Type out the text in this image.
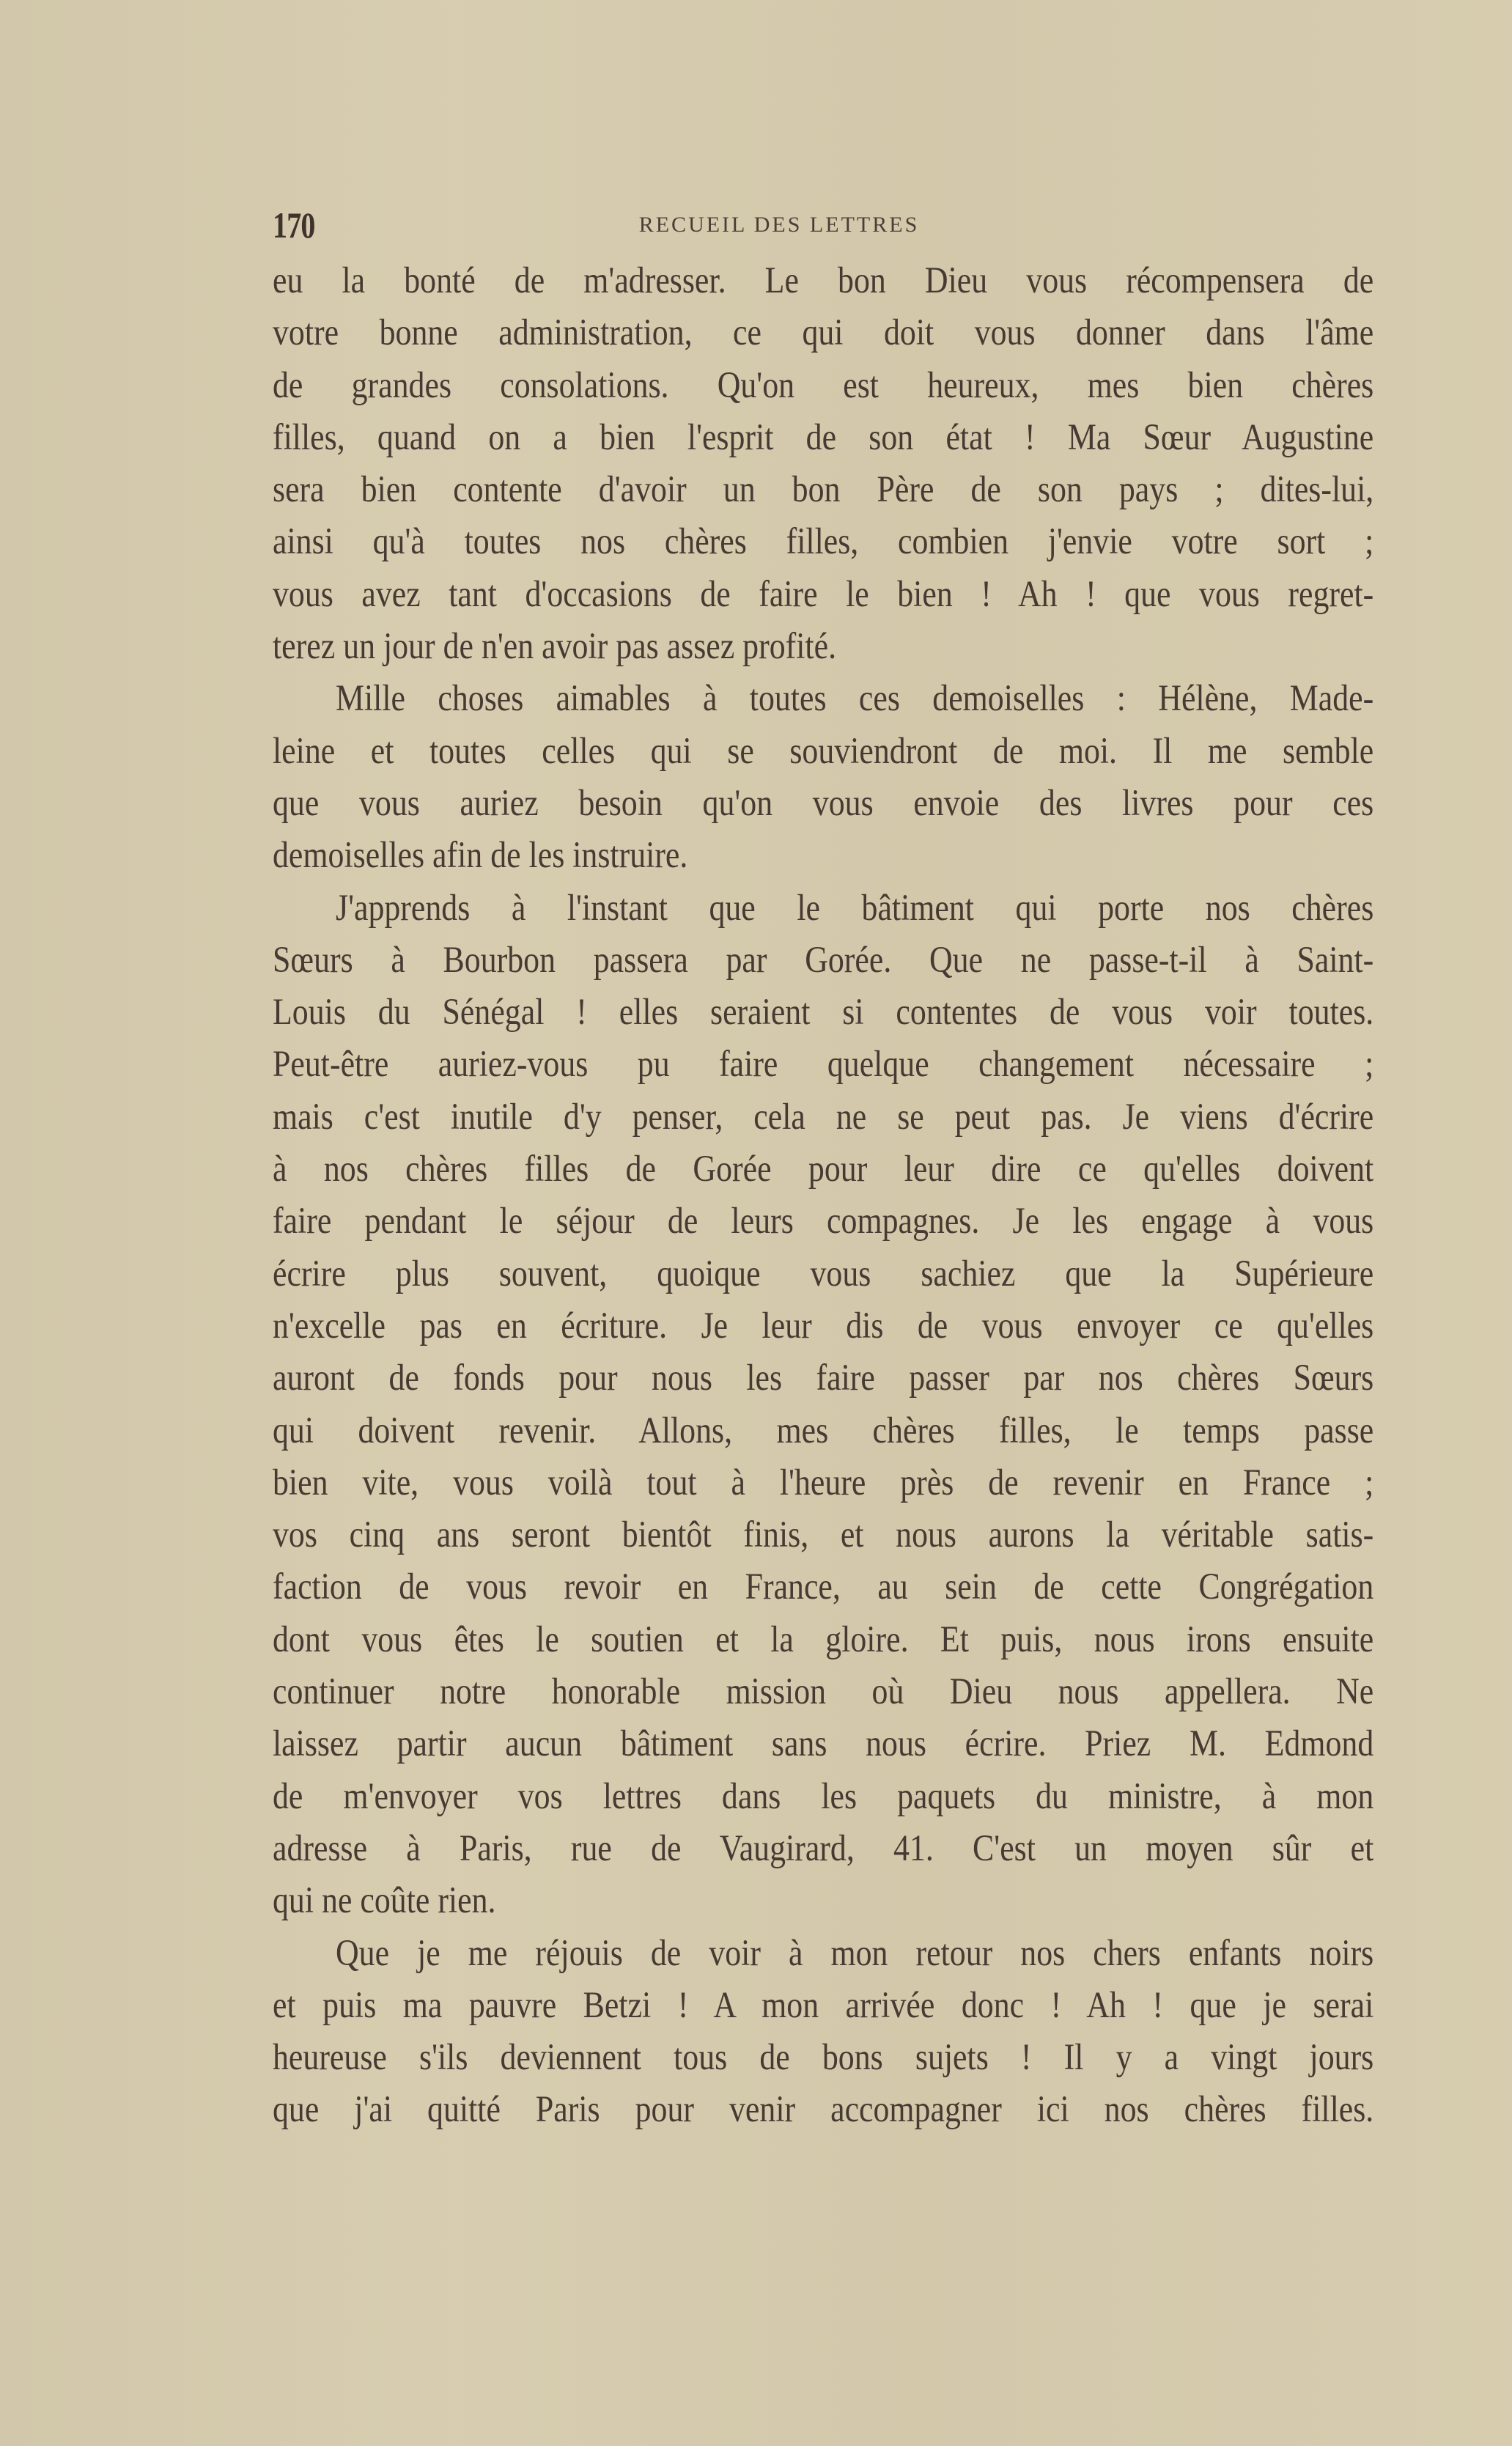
170	RECUEIL DES LETTRES
eu la bonté de m'adresser. Le bon Dieu vous récompensera de
votre bonne administration, ce qui doit vous donner dans l'âme
de grandes consolations. Qu'on est heureux, mes bien chères
filles, quand on a bien l'esprit de son état ! Ma Sœur Augustine
sera bien contente d'avoir un bon Père de son pays ; dites-lui,
ainsi qu'à toutes nos chères filles, combien j'envie votre sort ;
vous avez tant d'occasions de faire le bien ! Ah ! que vous regret-
terez un jour de n'en avoir pas assez profité.
Mille choses aimables à toutes ces demoiselles : Hélène, Made-
leine et toutes celles qui se souviendront de moi. Il me semble
que vous auriez besoin qu'on vous envoie des livres pour ces
demoiselles afin de les instruire.
J'apprends à l'instant que le bâtiment qui porte nos chères
Sœurs à Bourbon passera par Gorée. Que ne passe-t-il à Saint-
Louis du Sénégal ! elles seraient si contentes de vous voir toutes.
Peut-être auriez-vous pu faire quelque changement nécessaire ;
mais c'est inutile d'y penser, cela ne se peut pas. Je viens d'écrire
à nos chères filles de Gorée pour leur dire ce qu'elles doivent
faire pendant le séjour de leurs compagnes. Je les engage à vous
écrire plus souvent, quoique vous sachiez que la Supérieure
n'excelle pas en écriture. Je leur dis de vous envoyer ce qu'elles
auront de fonds pour nous les faire passer par nos chères Sœurs
qui doivent revenir. Allons, mes chères filles, le temps passe
bien vite, vous voilà tout à l'heure près de revenir en France ;
vos cinq ans seront bientôt finis, et nous aurons la véritable satis-
faction de vous revoir en France, au sein de cette Congrégation
dont vous êtes le soutien et la gloire. Et puis, nous irons ensuite
continuer notre honorable mission où Dieu nous appellera. Ne
laissez partir aucun bâtiment sans nous écrire. Priez M. Edmond
de m'envoyer vos lettres dans les paquets du ministre, à mon
adresse à Paris, rue de Vaugirard, 41. C'est un moyen sûr et
qui ne coûte rien.
Que je me réjouis de voir à mon retour nos chers enfants noirs
et puis ma pauvre Betzi ! A mon arrivée donc ! Ah ! que je serai
heureuse s'ils deviennent tous de bons sujets ! Il y a vingt jours
que j'ai quitté Paris pour venir accompagner ici nos chères filles.
